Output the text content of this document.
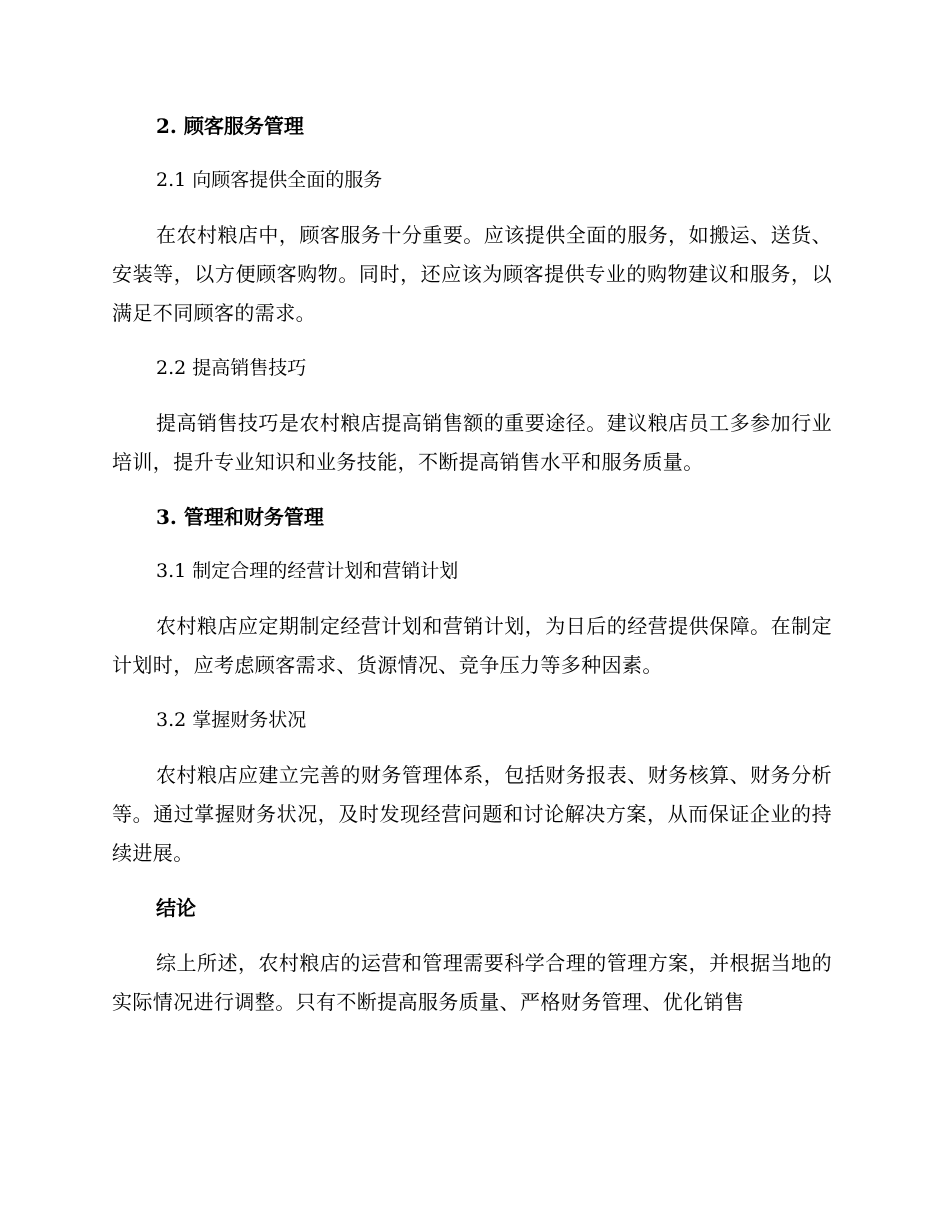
2. 顾客服务管理
2.1 向顾客提供全面的服务

在农村粮店中，顾客服务十分重要。应该提供全面的服务，如搬运、送货、安装等，以方便顾客购物。同时，还应该为顾客提供专业的购物建议和服务，以满足不同顾客的需求。

2.2 提高销售技巧

提高销售技巧是农村粮店提高销售额的重要途径。建议粮店员工多参加行业培训，提升专业知识和业务技能，不断提高销售水平和服务质量。

3. 管理和财务管理
3.1 制定合理的经营计划和营销计划

农村粮店应定期制定经营计划和营销计划，为日后的经营提供保障。在制定计划时，应考虑顾客需求、货源情况、竞争压力等多种因素。

3.2 掌握财务状况

农村粮店应建立完善的财务管理体系，包括财务报表、财务核算、财务分析等。通过掌握财务状况，及时发现经营问题和讨论解决方案，从而保证企业的持续进展。

结论

综上所述，农村粮店的运营和管理需要科学合理的管理方案，并根据当地的实际情况进行调整。只有不断提高服务质量、严格财务管理、优化销售
